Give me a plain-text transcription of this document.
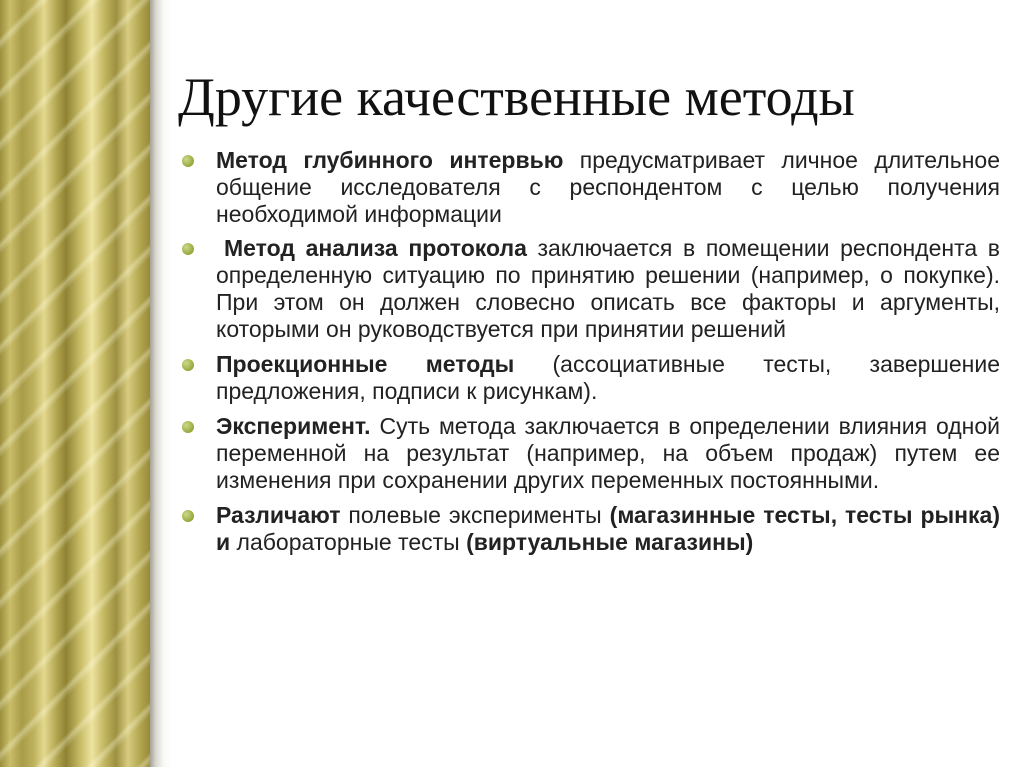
Другие качественные методы
Метод глубинного интервью предусматривает личное длительное общение исследователя с респондентом с целью получения необходимой информации
Метод анализа протокола заключается в помещении респондента в определенную ситуацию по принятию решении (например, о покупке). При этом он должен словесно описать все факторы и аргументы, которыми он руководствуется при принятии решений
Проекционные методы (ассоциативные тесты, завершение предложения, подписи к рисункам).
Эксперимент. Суть метода заключается в определении влияния одной переменной на результат (например, на объем продаж) путем ее изменения при сохранении других переменных постоянными.
Различают полевые эксперименты (магазинные тесты, тесты рынка) и лабораторные тесты (виртуальные магазины)
